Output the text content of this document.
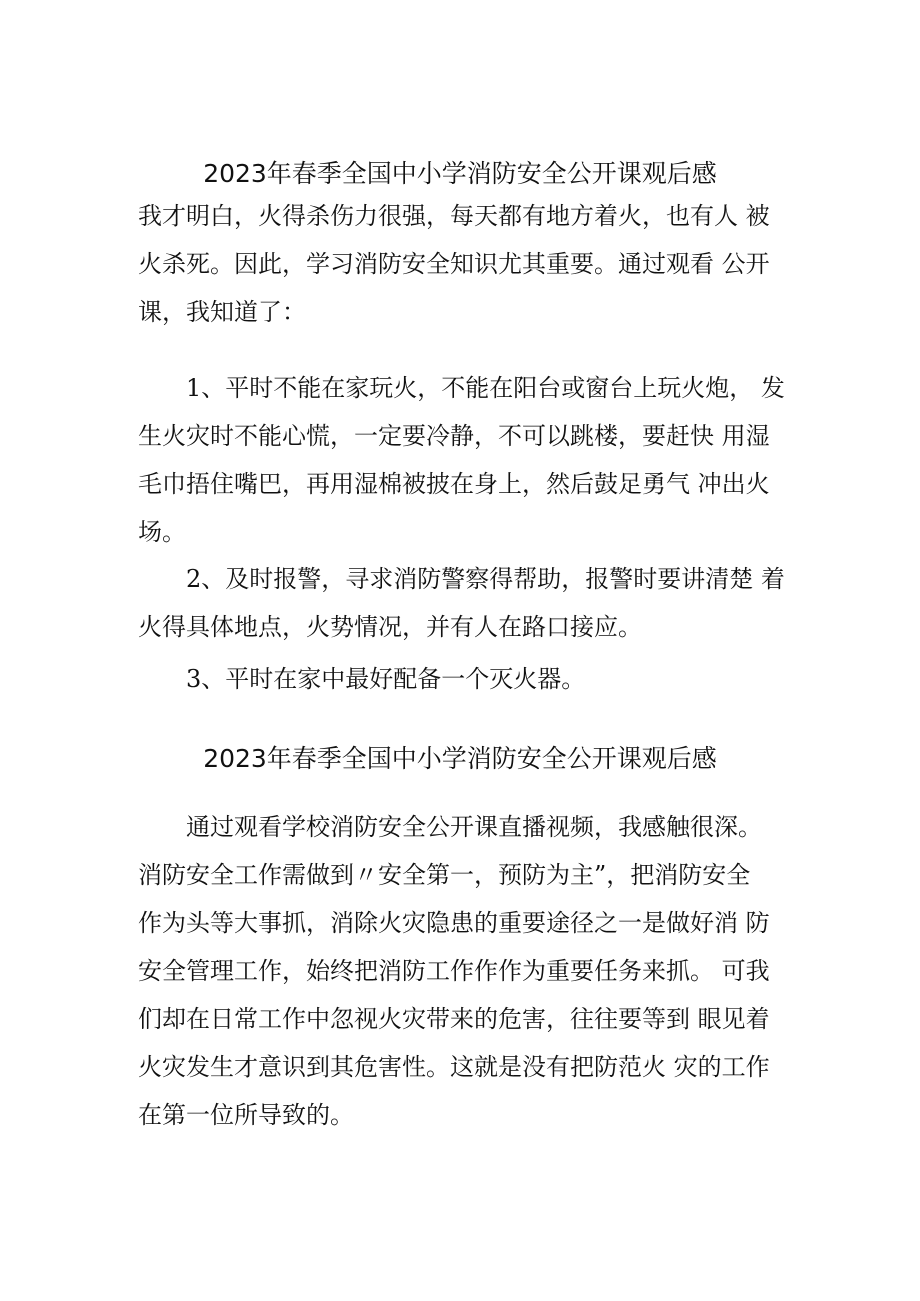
2023年春季全国中小学消防安全公开课观后感
我才明白，火得杀伤力很强，每天都有地方着火，也有人 被
火杀死。因此，学习消防安全知识尤其重要。通过观看 公开
课，我知道了：
1、平时不能在家玩火，不能在阳台或窗台上玩火炮， 发
生火灾时不能心慌，一定要冷静，不可以跳楼，要赶快 用湿
毛巾捂住嘴巴，再用湿棉被披在身上，然后鼓足勇气 冲出火
场。
2、及时报警，寻求消防警察得帮助，报警时要讲清楚 着
火得具体地点，火势情况，并有人在路口接应。
3、平时在家中最好配备一个灭火器。
2023年春季全国中小学消防安全公开课观后感
通过观看学校消防安全公开课直播视频，我感触很深。
消防安全工作需做到〃安全第一，预防为主”，把消防安全
作为头等大事抓，消除火灾隐患的重要途径之一是做好消 防
安全管理工作，始终把消防工作作作为重要任务来抓。 可我
们却在日常工作中忽视火灾带来的危害，往往要等到 眼见着
火灾发生才意识到其危害性。这就是没有把防范火 灾的工作
在第一位所导致的。
